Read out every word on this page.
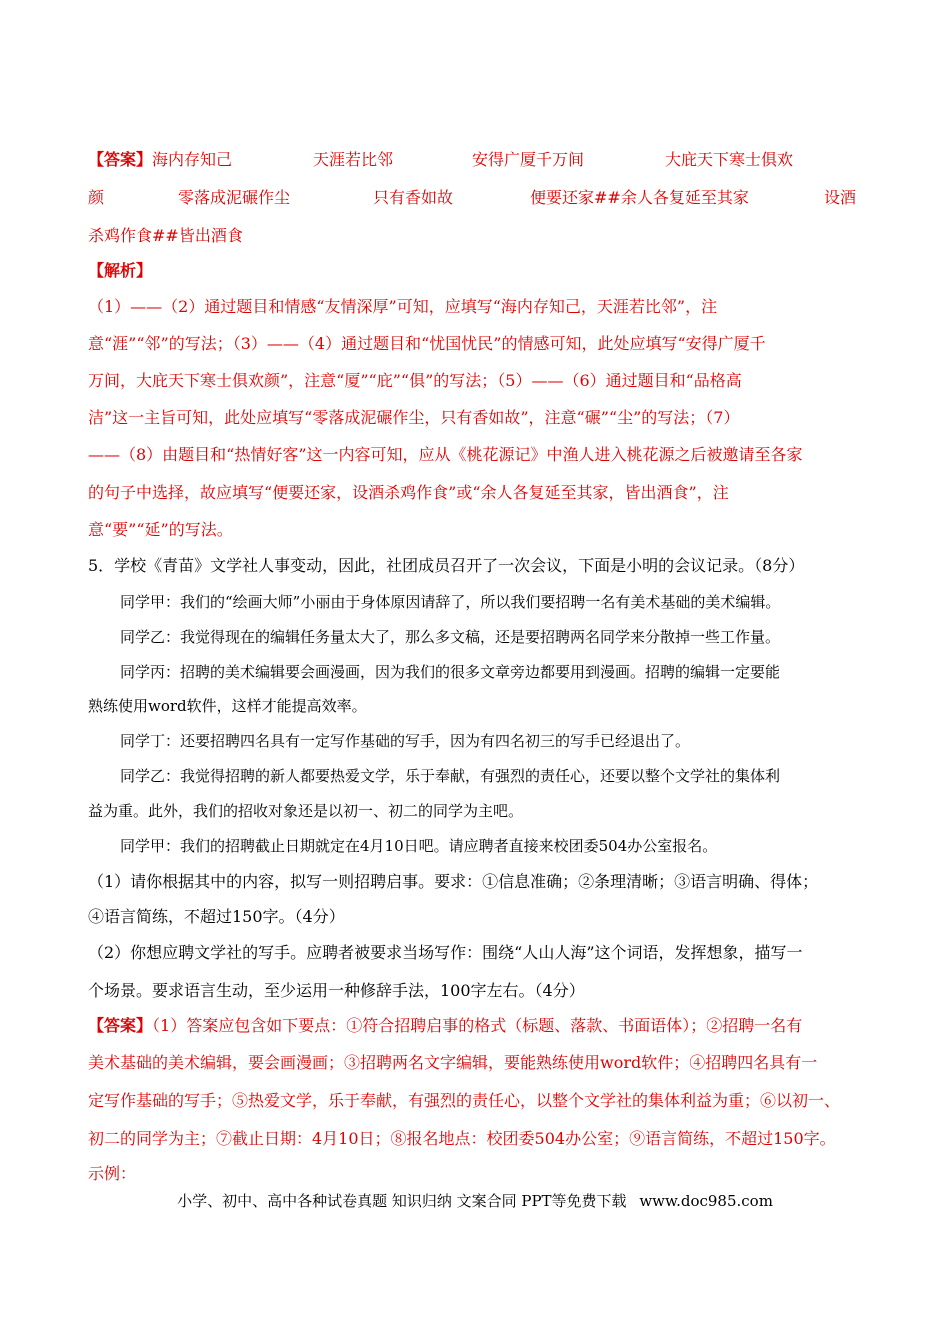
【答案】 海内存知己	天涯若比邻	安得广厦千万间	大庇天下寒士俱欢
颜	零落成泥碾作尘	只有香如故	便要还家##余人各复延至其家	设酒
杀鸡作食##皆出酒食
【解析】
（1）——（2）通过题目和情感“友情深厚”可知，应填写“海内存知己，天涯若比邻”，注
意“涯”“邻”的写法；（3）——（4）通过题目和“忧国忧民”的情感可知，此处应填写“安得广厦千
万间，大庇天下寒士俱欢颜”，注意“厦”“庇”“俱”的写法；（5）——（6）通过题目和“品格高
洁”这一主旨可知，此处应填写“零落成泥碾作尘，只有香如故”，注意“碾”“尘”的写法；（7）
——（8）由题目和“热情好客”这一内容可知，应从《桃花源记》中渔人进入桃花源之后被邀请至各家
的句子中选择，故应填写“便要还家，设酒杀鸡作食”或“余人各复延至其家，皆出酒食”，注
意“要”“延”的写法。
5．学校《青苗》文学社人事变动，因此，社团成员召开了一次会议，下面是小明的会议记录。（8分）
同学甲：我们的“绘画大师”小丽由于身体原因请辞了，所以我们要招聘一名有美术基础的美术编辑。
同学乙：我觉得现在的编辑任务量太大了，那么多文稿，还是要招聘两名同学来分散掉一些工作量。
同学丙：招聘的美术编辑要会画漫画，因为我们的很多文章旁边都要用到漫画。招聘的编辑一定要能
熟练使用word软件，这样才能提高效率。
同学丁：还要招聘四名具有一定写作基础的写手，因为有四名初三的写手已经退出了。
同学乙：我觉得招聘的新人都要热爱文学，乐于奉献，有强烈的责任心，还要以整个文学社的集体利
益为重。此外，我们的招收对象还是以初一、初二的同学为主吧。
同学甲：我们的招聘截止日期就定在4月10日吧。请应聘者直接来校团委504办公室报名。
（1）请你根据其中的内容，拟写一则招聘启事。要求：①信息准确；②条理清晰；③语言明确、得体；
④语言简练，不超过150字。（4分）
（2）你想应聘文学社的写手。应聘者被要求当场写作：围绕“人山人海”这个词语，发挥想象，描写一
个场景。要求语言生动，至少运用一种修辞手法，100字左右。（4分）
【答案】（1）答案应包含如下要点：①符合招聘启事的格式（标题、落款、书面语体）；②招聘一名有
美术基础的美术编辑，要会画漫画；③招聘两名文字编辑，要能熟练使用word软件；④招聘四名具有一
定写作基础的写手；⑤热爱文学，乐于奉献，有强烈的责任心，以整个文学社的集体利益为重；⑥以初一、
初二的同学为主；⑦截止日期：4月10日；⑧报名地点：校团委504办公室；⑨语言简练，不超过150字。
示例：
小学、初中、高中各种试卷真题 知识归纳 文案合同 PPT等免费下载 www.doc985.com
